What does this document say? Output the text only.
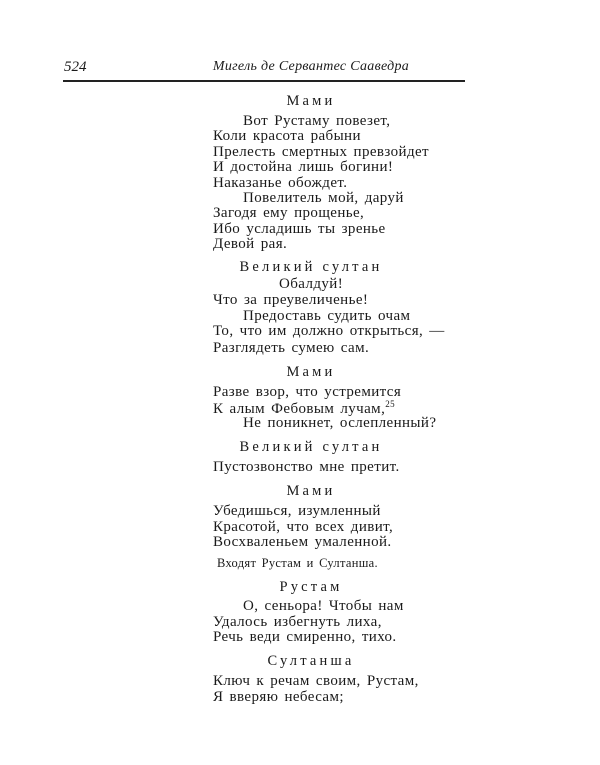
524	Мигель де Сервантес Сааведра
Мами
Вот Рустаму повезет,
Коли красота рабыни
Прелесть смертных превзойдет
И достойна лишь богини!
Наказанье обождет.
Повелитель мой, даруй
Загодя ему прощенье,
Ибо усладишь ты зренье
Девой рая.
Великий султан
Обалдуй!
Что за преувеличенье!
Предоставь судить очам
То, что им должно открыться, —
Разглядеть сумею сам.
Мами
Разве взор, что устремится
К алым Фебовым лучам,$^{25}$
Не поникнет, ослепленный?
Великий султан
Пустозвонство мне претит.
Мами
Убедишься, изумленный
Красотой, что всех дивит,
Восхваленьем умаленной.
Входят Рустам и Султанша.
Рустам
О, сеньора! Чтобы нам
Удалось избегнуть лиха,
Речь веди смиренно, тихо.
Султанша
Ключ к речам своим, Рустам,
Я вверяю небесам;
